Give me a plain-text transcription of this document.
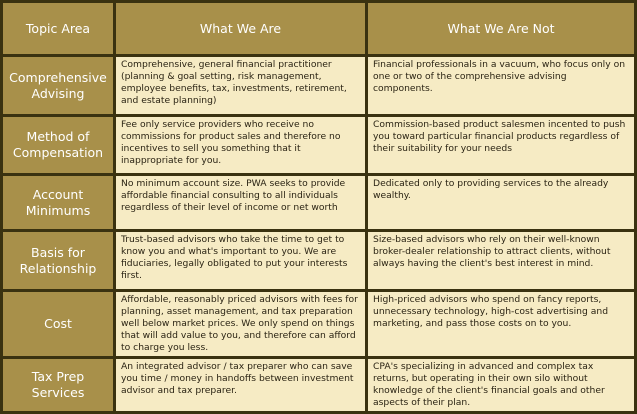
Topic Area	What We Are	What We Are Not

Comprehensive Advising	Comprehensive, general financial practitioner (planning & goal setting, risk management, employee benefits, tax, investments, retirement, and estate planning)	Financial professionals in a vacuum, who focus only on one or two of the comprehensive advising components.

Method of Compensation	Fee only service providers who receive no commissions for product sales and therefore no incentives to sell you something that it inappropriate for you.	Commission-based product salesmen incented to push you toward particular financial products regardless of their suitability for your needs

Account Minimums	No minimum account size. PWA seeks to provide affordable financial consulting to all individuals regardless of their level of income or net worth	Dedicated only to providing services to the already wealthy.

Basis for Relationship	Trust-based advisors who take the time to get to know you and what's important to you. We are fiduciaries, legally obligated to put your interests first.	Size-based advisors who rely on their well-known broker-dealer relationship to attract clients, without always having the client's best interest in mind.

Cost	Affordable, reasonably priced advisors with fees for planning, asset management, and tax preparation well below market prices. We only spend on things that will add value to you, and therefore can afford to charge you less.	High-priced advisors who spend on fancy reports, unnecessary technology, high-cost advertising and marketing, and pass those costs on to you.

Tax Prep Services	An integrated advisor / tax preparer who can save you time / money in handoffs between investment advisor and tax preparer.	CPA's specializing in advanced and complex tax returns, but operating in their own silo without knowledge of the client's financial goals and other aspects of their plan.
